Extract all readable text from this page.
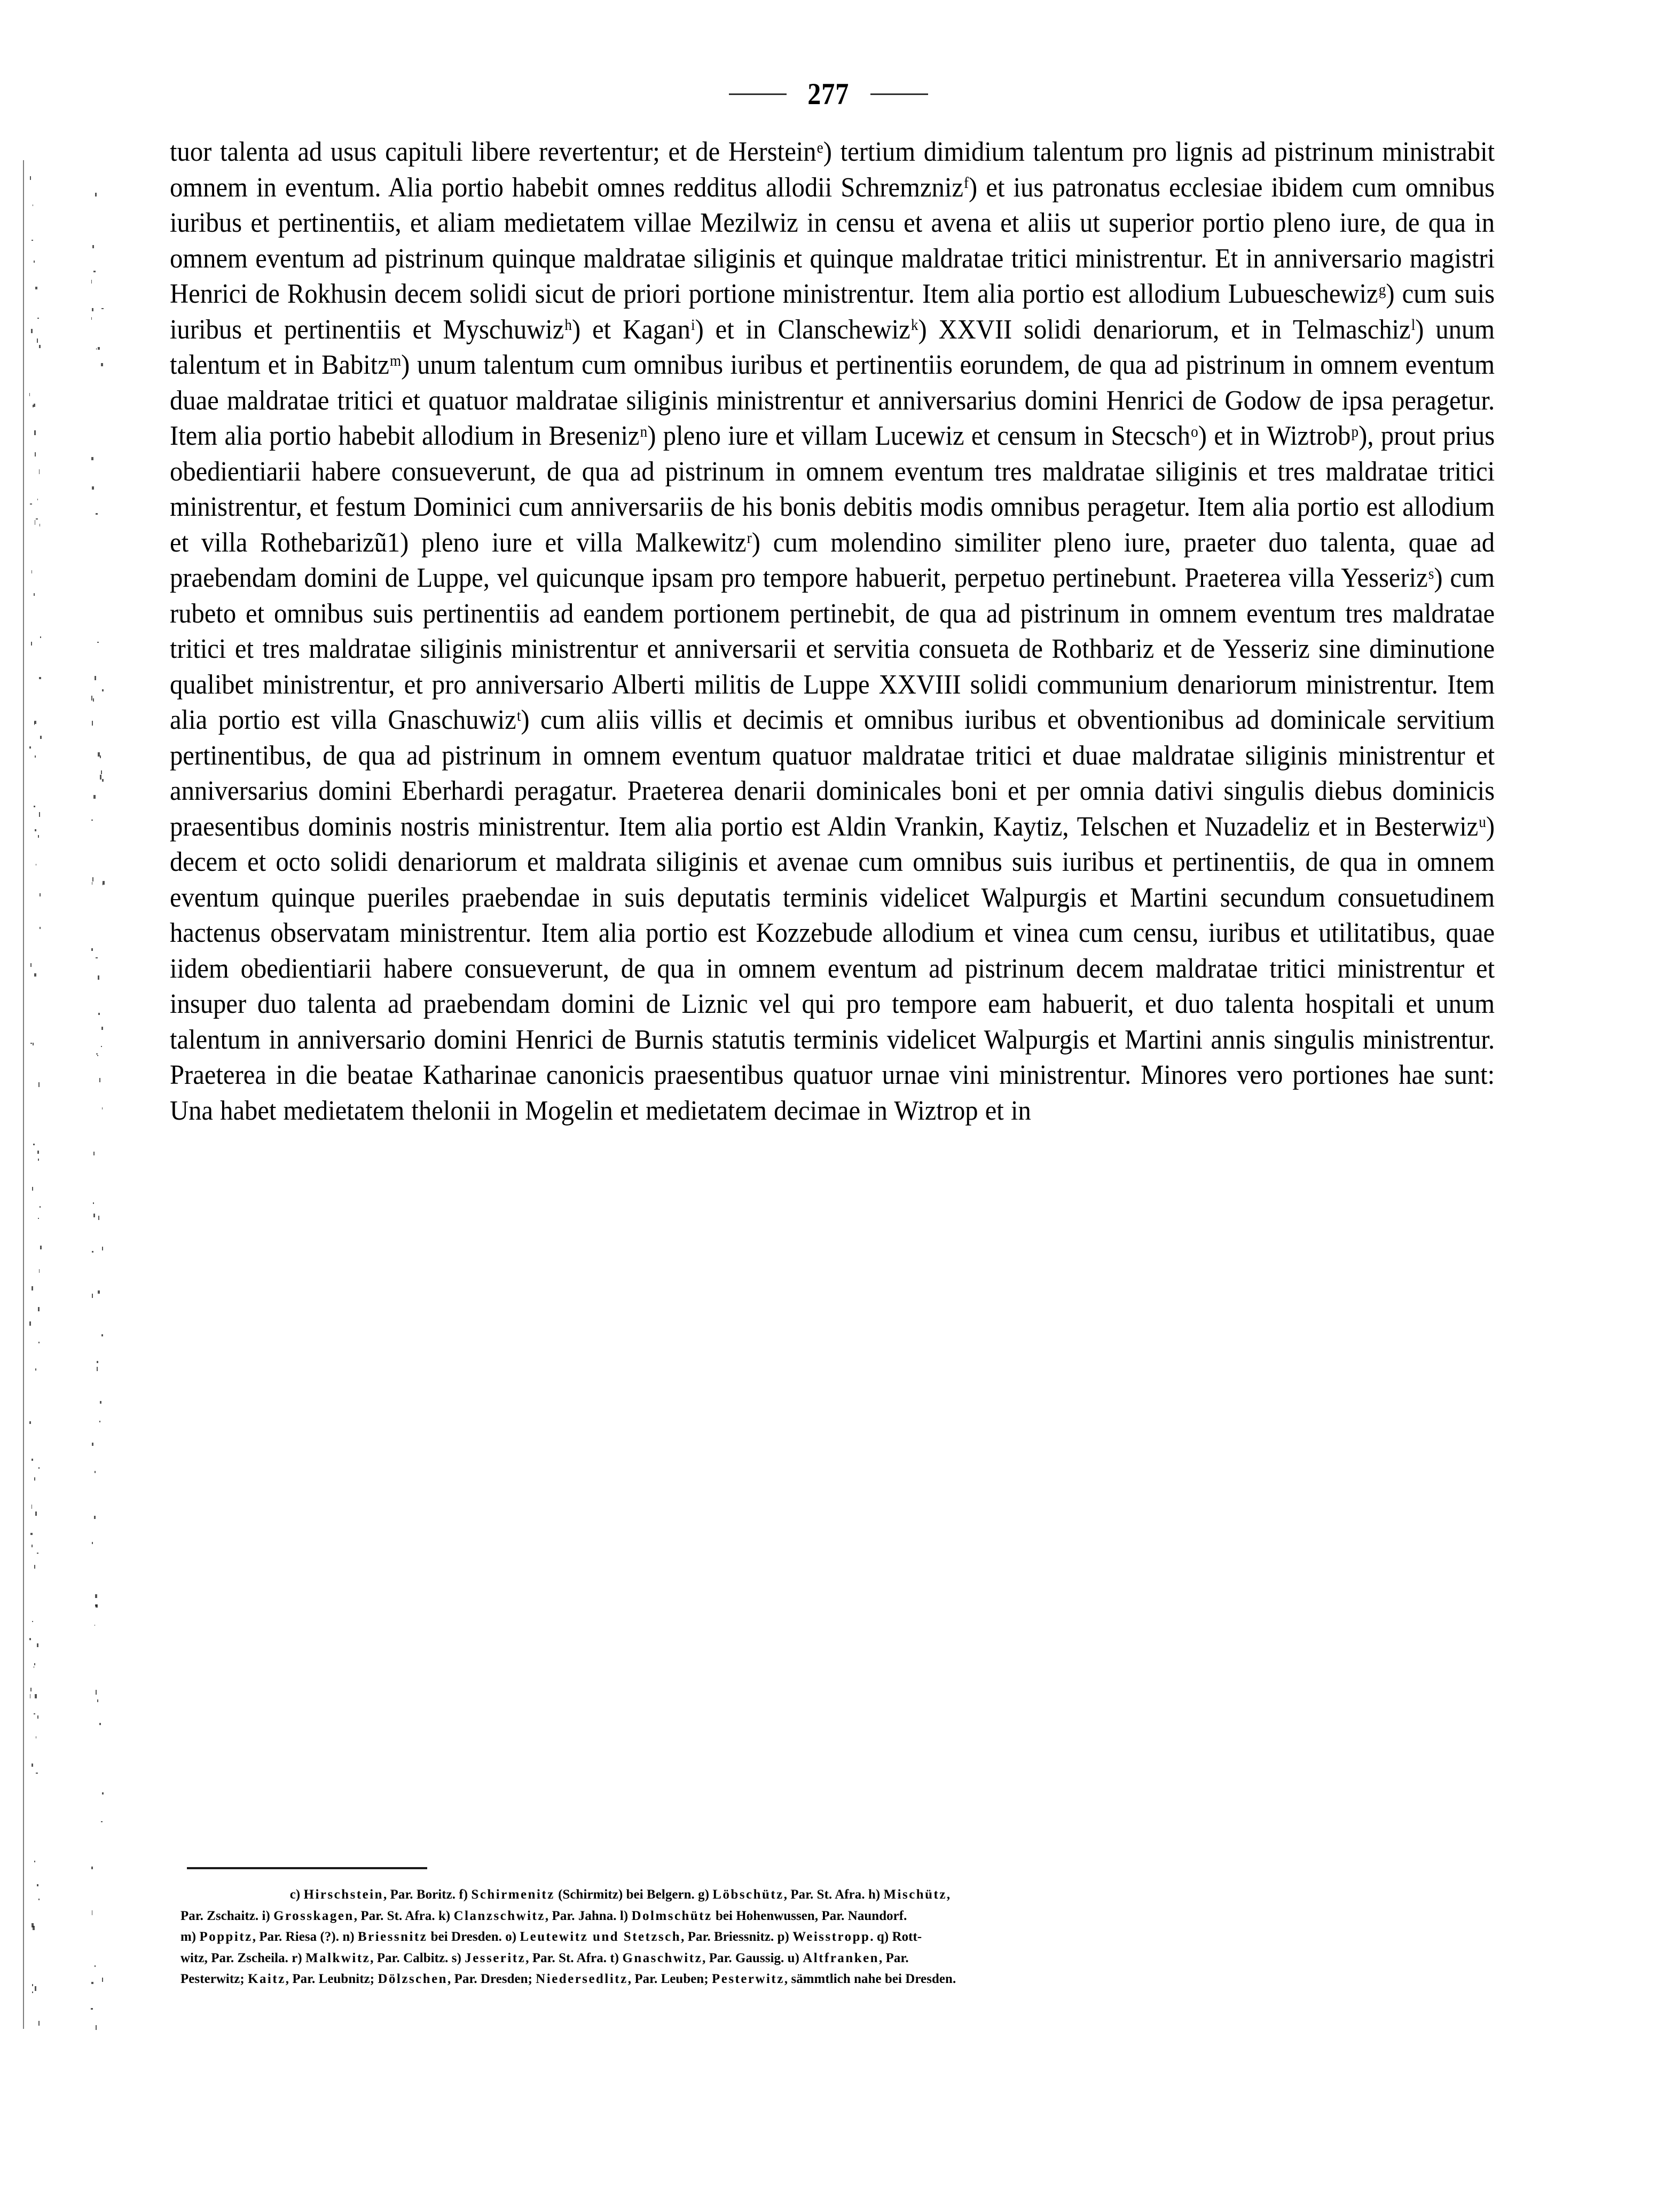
277

tuor talenta ad usus capituli libere revertentur; et de Herstein$^e$) tertium dimidium talentum pro lignis ad pistrinum ministrabit omnem in eventum. Alia portio habebit omnes redditus allodii Schremzniz$^f$) et ius patronatus ecclesiae ibidem cum omnibus iuribus et pertinentiis, et aliam medietatem villae Mezilwiz in censu et avena et aliis ut superior portio pleno iure, de qua in omnem eventum ad pistrinum quinque maldratae siliginis et quinque maldratae tritici ministrentur. Et in anniversario magistri Henrici de Rokhusin decem solidi sicut de priori portione ministrentur. Item alia portio est allodium Lubueschewiz$^g$) cum suis iuribus et pertinentiis et Myschuwiz$^h$) et Kagan$^i$) et in Clanschewiz$^k$) XXVII solidi denariorum, et in Telmaschiz$^l$) unum talentum et in Babitz$^m$) unum talentum cum omnibus iuribus et pertinentiis eorundem, de qua ad pistrinum in omnem eventum duae maldratae tritici et quatuor maldratae siliginis ministrentur et anniversarius domini Henrici de Godow de ipsa peragetur. Item alia portio habebit allodium in Breseniz$^n$) pleno iure et villam Lucewiz et censum in Stecsch$^o$) et in Wiztrob$^p$), prout prius obedientiarii habere consueverunt, de qua ad pistrinum in omnem eventum tres maldratae siliginis et tres maldratae tritici ministrentur, et festum Dominici cum anniversariis de his bonis debitis modis omnibus peragetur. Item alia portio est allodium et villa Rothebarizũ1) pleno iure et villa Malkewitz$^r$) cum molendino similiter pleno iure, praeter duo talenta, quae ad praebendam domini de Luppe, vel quicunque ipsam pro tempore habuerit, perpetuo pertinebunt. Praeterea villa Yesseriz$^s$) cum rubeto et omnibus suis pertinentiis ad eandem portionem pertinebit, de qua ad pistrinum in omnem eventum tres maldratae tritici et tres maldratae siliginis ministrentur et anniversarii et servitia consueta de Rothbariz et de Yesseriz sine diminutione qualibet ministrentur, et pro anniversario Alberti militis de Luppe XXVIII solidi communium denariorum ministrentur. Item alia portio est villa Gnaschuwiz$^t$) cum aliis villis et decimis et omnibus iuribus et obventionibus ad dominicale servitium pertinentibus, de qua ad pistrinum in omnem eventum quatuor maldratae tritici et duae maldratae siliginis ministrentur et anniversarius domini Eberhardi peragatur. Praeterea denarii dominicales boni et per omnia dativi singulis diebus dominicis praesentibus dominis nostris ministrentur. Item alia portio est Aldin Vrankin, Kaytiz, Telschen et Nuzadeliz et in Besterwiz$^u$) decem et octo solidi denariorum et maldrata siliginis et avenae cum omnibus suis iuribus et pertinentiis, de qua in omnem eventum quinque pueriles praebendae in suis deputatis terminis videlicet Walpurgis et Martini secundum consuetudinem hactenus observatam ministrentur. Item alia portio est Kozzebude allodium et vinea cum censu, iuribus et utilitatibus, quae iidem obedientiarii habere consueverunt, de qua in omnem eventum ad pistrinum decem maldratae tritici ministrentur et insuper duo talenta ad praebendam domini de Liznic vel qui pro tempore eam habuerit, et duo talenta hospitali et unum talentum in anniversario domini Henrici de Burnis statutis terminis videlicet Walpurgis et Martini annis singulis ministrentur. Praeterea in die beatae Katharinae canonicis praesentibus quatuor urnae vini ministrentur. Minores vero portiones hae sunt: Una habet medietatem thelonii in Mogelin et medietatem decimae in Wiztrop et in

c) Hirschstein, Par. Boritz. f) Schirmenitz (Schirmitz) bei Belgern. g) Löbschütz, Par. St. Afra. h) Mischütz,
Par. Zschaitz. i) Grosskagen, Par. St. Afra. k) Clanzschwitz, Par. Jahna. l) Dolmschütz bei Hohenwussen, Par. Naundorf.
m) Poppitz, Par. Riesa (?). n) Briessnitz bei Dresden. o) Leutewitz und Stetzsch, Par. Briessnitz. p) Weisstropp. q) Rott-
witz, Par. Zscheila. r) Malkwitz, Par. Calbitz. s) Jesseritz, Par. St. Afra. t) Gnaschwitz, Par. Gaussig. u) Altfranken, Par.
Pesterwitz; Kaitz, Par. Leubnitz; Dölzschen, Par. Dresden; Niedersedlitz, Par. Leuben; Pesterwitz, sämmtlich nahe bei Dresden.
